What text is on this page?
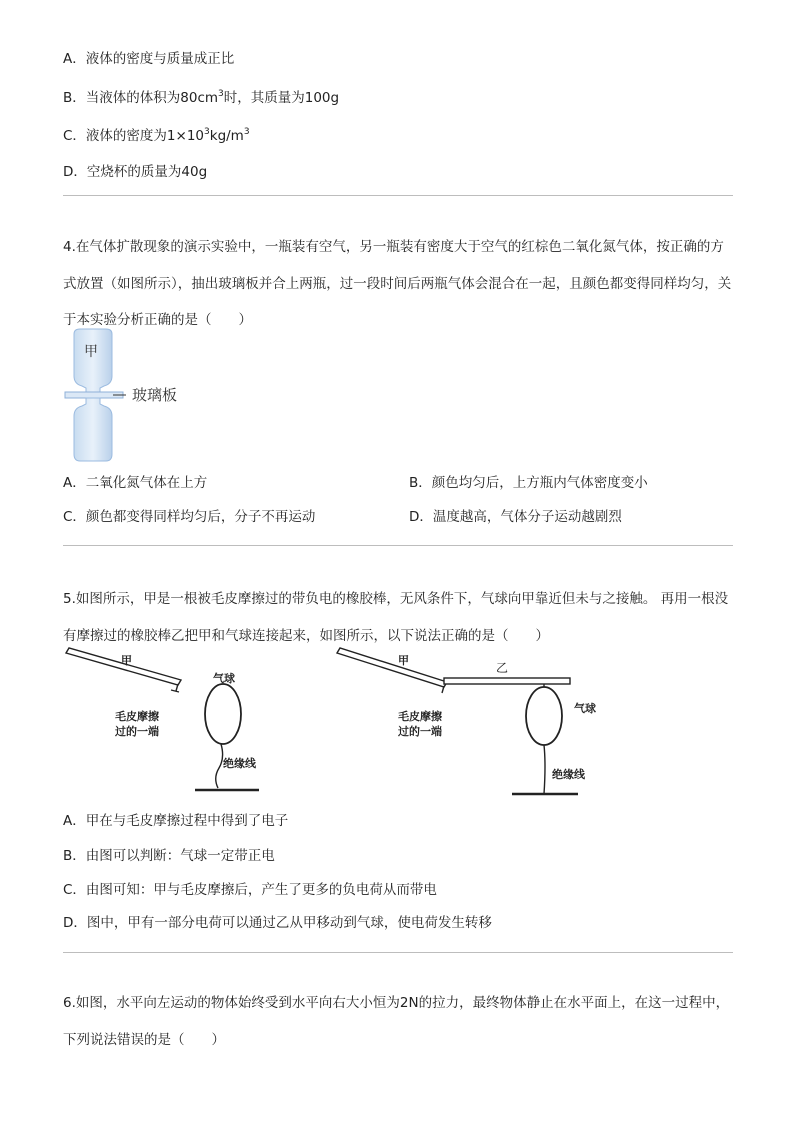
A．液体的密度与质量成正比
B．当液体的体积为$80cm^3$时，其质量为100g
C．液体的密度为$1\times 10^3kg/m^3$
D．空烧杯的质量为40g
4.在气体扩散现象的演示实验中，一瓶装有空气，另一瓶装有密度大于空气的红棕色二氧化氮气体，按正确的方式放置（如图所示），抽出玻璃板并合上两瓶，过一段时间后两瓶气体会混合在一起，且颜色都变得同样均匀，关于本实验分析正确的是（　　）
甲
玻璃板
A．二氧化氮气体在上方	B．颜色均匀后，上方瓶内气体密度变小
C．颜色都变得同样均匀后，分子不再运动	D．温度越高，气体分子运动越剧烈
5.如图所示，甲是一根被毛皮摩擦过的带负电的橡胶棒，无风条件下，气球向甲靠近但未与之接触。 再用一根没有摩擦过的橡胶棒乙把甲和气球连接起来，如图所示，以下说法正确的是（　　）
甲
气球
毛皮摩擦
过的一端
绝缘线
甲
乙
气球
毛皮摩擦
过的一端
绝缘线
A．甲在与毛皮摩擦过程中得到了电子
B．由图可以判断：气球一定带正电
C．由图可知：甲与毛皮摩擦后，产生了更多的负电荷从而带电
D．图中，甲有一部分电荷可以通过乙从甲移动到气球，使电荷发生转移
6.如图，水平向左运动的物体始终受到水平向右大小恒为2N的拉力，最终物体静止在水平面上，在这一过程中，下列说法错误的是（　　）
